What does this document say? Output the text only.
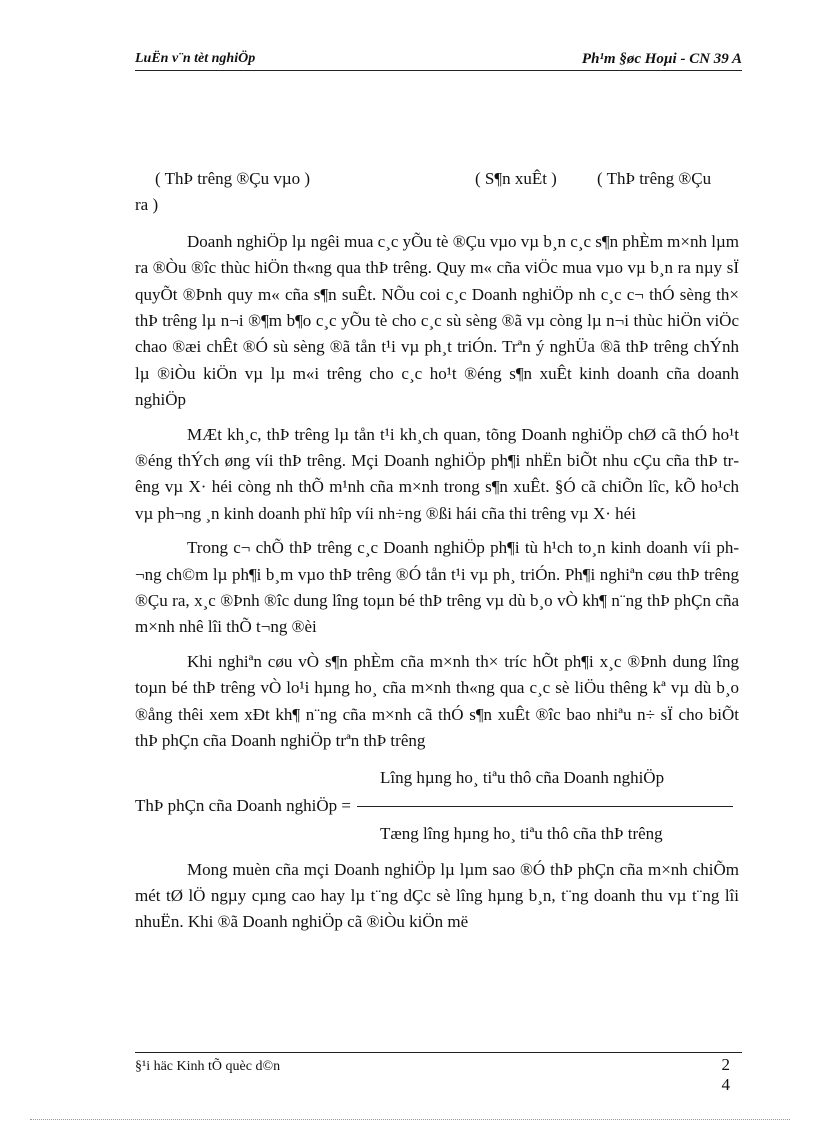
LuËn v¨n tèt nghiÖp	Ph¹m §øc Hoµi - CN 39 A
( ThÞ trêng ®Çu vµo )	( S¶n xuÊt ) ( ThÞ trêng ®Çu
ra )

Doanh nghiÖp lµ ngêi mua c¸c yÕu tè ®Çu vµo vµ b¸n c¸c s¶n phÈm m×nh lµm ra ®Òu ®îc thùc hiÖn th«ng qua thÞ trêng. Quy m« cña viÖc mua vµo vµ b¸n ra nµy sÏ quyÕt ®Þnh quy m« cña s¶n suÊt. NÕu coi c¸c Doanh nghiÖp nh c¸c c¬ thÓ sèng th× thÞ trêng lµ n¬i ®¶m b¶o c¸c yÕu tè cho c¸c sù sèng ®ã vµ còng lµ n¬i thùc hiÖn viÖc chao ®æi chÊt ®Ó sù sèng ®ã tån t¹i vµ ph¸t triÓn. Trªn ý nghÜa ®ã thÞ trêng chÝnh lµ ®iÒu kiÖn vµ lµ m«i trêng cho c¸c ho¹t ®éng s¶n xuÊt kinh doanh cña doanh nghiÖp

MÆt kh¸c, thÞ trêng lµ tån t¹i kh¸ch quan, tõng Doanh nghiÖp chØ cã thÓ ho¹t ®éng thÝch øng víi thÞ trêng. Mçi Doanh nghiÖp ph¶i nhËn biÕt nhu cÇu cña thÞ trêng vµ X· héi còng nh thÕ m¹nh cña m×nh trong s¶n xuÊt. §Ó cã chiÕn lîc, kÕ ho¹ch vµ ph¬ng ¸n kinh doanh phï hîp víi nh÷ng ®ßi hái cña thi trêng vµ X· héi

Trong c¬ chÕ thÞ trêng c¸c Doanh nghiÖp ph¶i tù h¹ch to¸n kinh doanh víi ph¬ng ch©m lµ ph¶i b¸m vµo thÞ trêng ®Ó tån t¹i vµ ph¸ triÓn. Ph¶i nghiªn cøu thÞ trêng ®Çu ra, x¸c ®Þnh ®îc dung lîng toµn bé thÞ trêng vµ dù b¸o vÒ kh¶ n¨ng thÞ phÇn cña m×nh nhê lîi thÕ t¬ng ®èi

Khi nghiªn cøu vÒ s¶n phÈm cña m×nh th× tríc hÕt ph¶i x¸c ®Þnh dung lîng toµn bé thÞ trêng vÒ lo¹i hµng ho¸ cña m×nh th«ng qua c¸c sè liÖu thêng kª vµ dù b¸o ®ång thêi xem xÐt kh¶ n¨ng cña m×nh cã thÓ s¶n xuÊt ®îc bao nhiªu n÷ sÏ cho biÕt thÞ phÇn cña Doanh nghiÖp trªn thÞ trêng

Lîng hµng ho¸ tiªu thô cña Doanh nghiÖp
ThÞ phÇn cña Doanh nghiÖp =
Tæng lîng hµng ho¸ tiªu thô cña thÞ trêng

Mong muèn cña mçi Doanh nghiÖp lµ lµm sao ®Ó thÞ phÇn cña m×nh chiÕm mét tØ lÖ ngµy cµng cao hay lµ t¨ng dÇc sè lîng hµng b¸n, t¨ng doanh thu vµ t¨ng lîi nhuËn. Khi ®ã Doanh nghiÖp cã ®iÒu kiÖn më

§¹i häc Kinh tÕ quèc d©n	2
4
